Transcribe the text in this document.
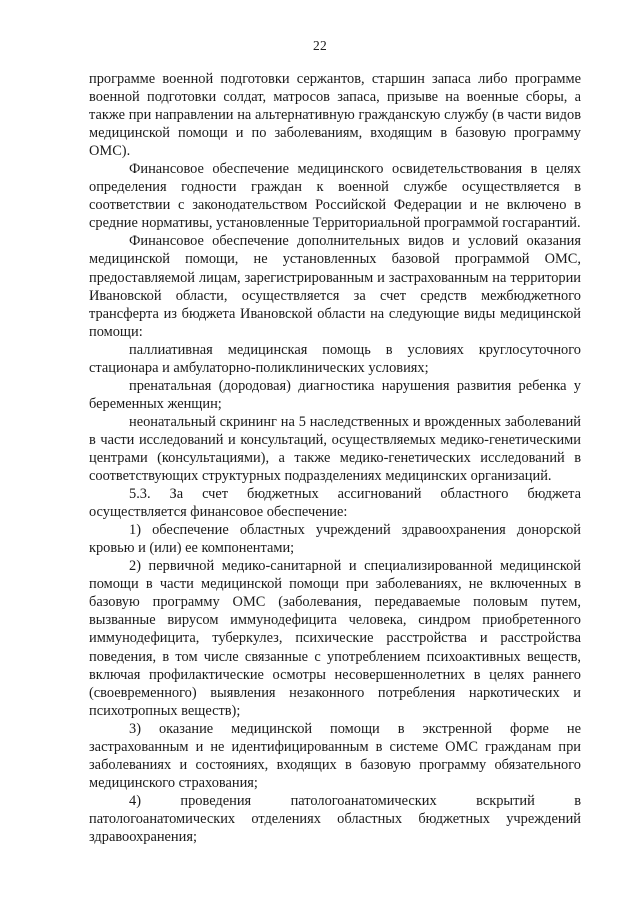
22

программе военной подготовки сержантов, старшин запаса либо программе военной подготовки солдат, матросов запаса, призыве на военные сборы, а также при направлении на альтернативную гражданскую службу (в части видов медицинской помощи и по заболеваниям, входящим в базовую программу ОМС).

Финансовое обеспечение медицинского освидетельствования в целях определения годности граждан к военной службе осуществляется в соответствии с законодательством Российской Федерации и не включено в средние нормативы, установленные Территориальной программой госгарантий.

Финансовое обеспечение дополнительных видов и условий оказания медицинской помощи, не установленных базовой программой ОМС, предоставляемой лицам, зарегистрированным и застрахованным на территории Ивановской области, осуществляется за счет средств межбюджетного трансферта из бюджета Ивановской области на следующие виды медицинской помощи:

паллиативная медицинская помощь в условиях круглосуточного стационара и амбулаторно-поликлинических условиях;

пренатальная (дородовая) диагностика нарушения развития ребенка у беременных женщин;

неонатальный скрининг на 5 наследственных и врожденных заболеваний в части исследований и консультаций, осуществляемых медико-генетическими центрами (консультациями), а также медико-генетических исследований в соответствующих структурных подразделениях медицинских организаций.

5.3. За счет бюджетных ассигнований областного бюджета осуществляется финансовое обеспечение:

1) обеспечение областных учреждений здравоохранения донорской кровью и (или) ее компонентами;

2) первичной медико-санитарной и специализированной медицинской помощи в части медицинской помощи при заболеваниях, не включенных в базовую программу ОМС (заболевания, передаваемые половым путем, вызванные вирусом иммунодефицита человека, синдром приобретенного иммунодефицита, туберкулез, психические расстройства и расстройства поведения, в том числе связанные с употреблением психоактивных веществ, включая профилактические осмотры несовершеннолетних в целях раннего (своевременного) выявления незаконного потребления наркотических и психотропных веществ);

3) оказание медицинской помощи в экстренной форме не застрахованным и не идентифицированным в системе ОМС гражданам при заболеваниях и состояниях, входящих в базовую программу обязательного медицинского страхования;

4) проведения патологоанатомических вскрытий в патологоанатомических отделениях областных бюджетных учреждений здравоохранения;
